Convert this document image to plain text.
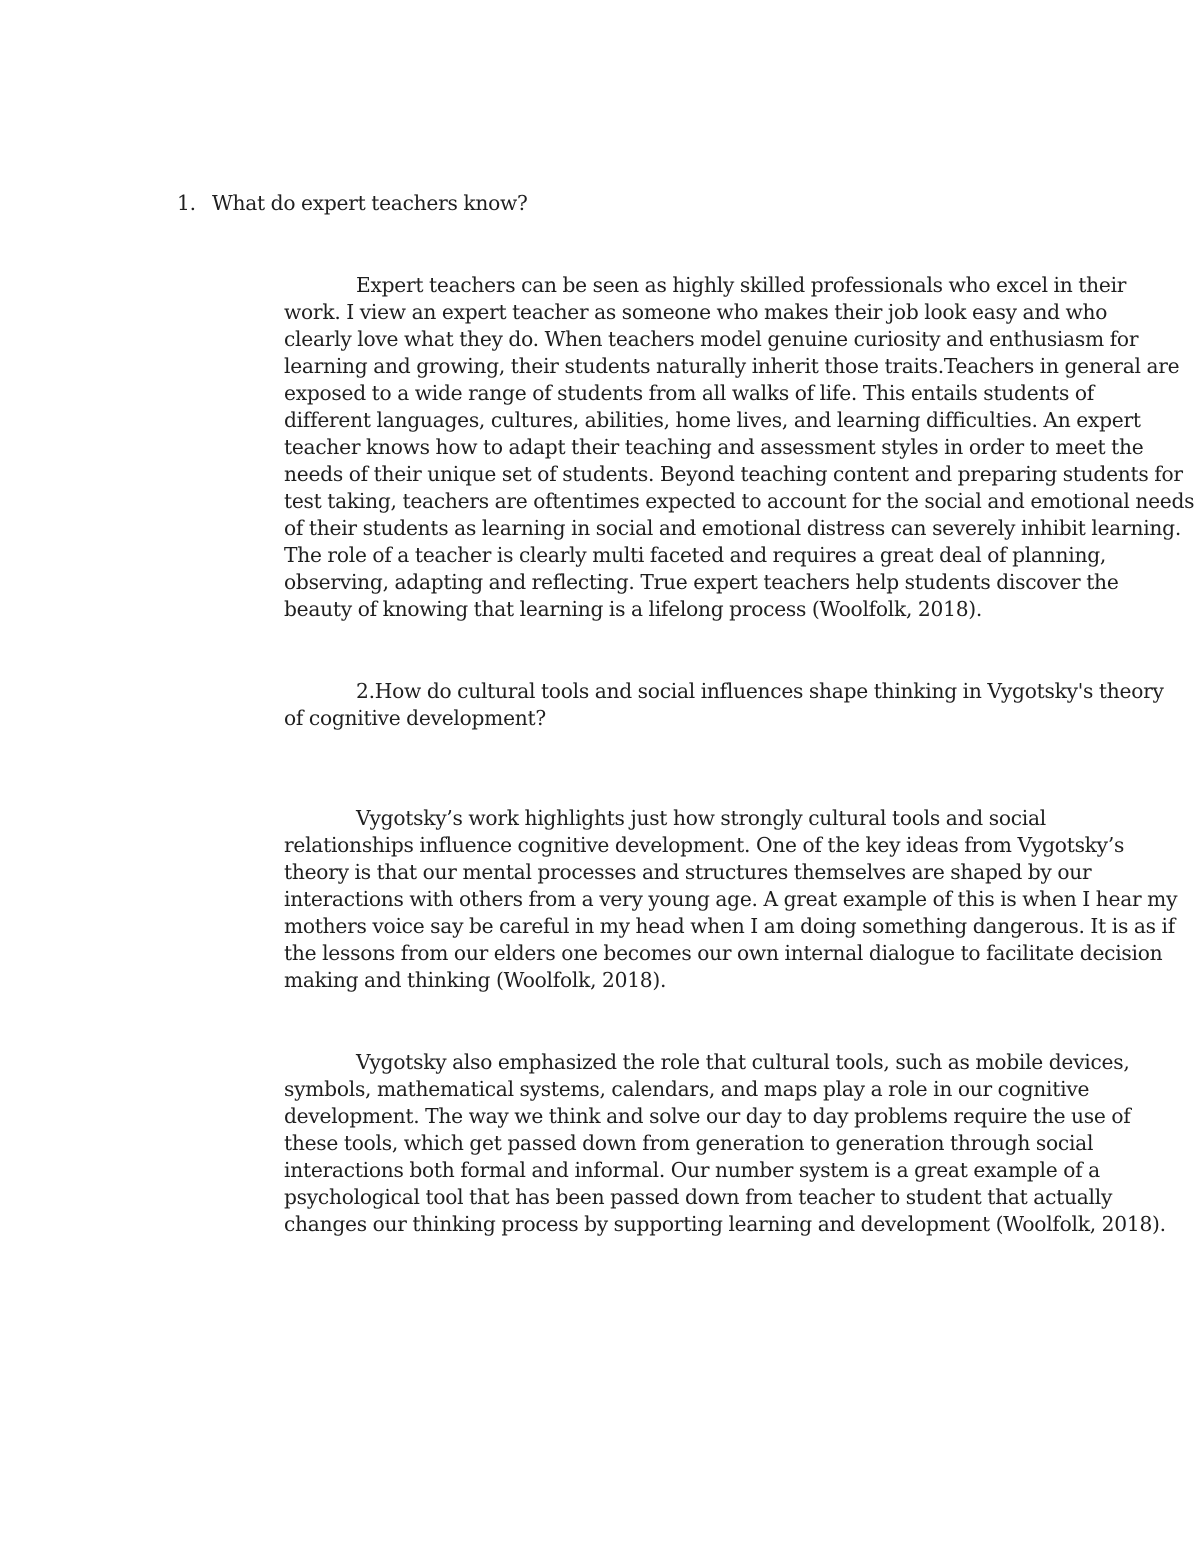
1. What do expert teachers know?

Expert teachers can be seen as highly skilled professionals who excel in their
work. I view an expert teacher as someone who makes their job look easy and who
clearly love what they do. When teachers model genuine curiosity and enthusiasm for
learning and growing, their students naturally inherit those traits.Teachers in general are
exposed to a wide range of students from all walks of life. This entails students of
different languages, cultures, abilities, home lives, and learning difficulties. An expert
teacher knows how to adapt their teaching and assessment styles in order to meet the
needs of their unique set of students. Beyond teaching content and preparing students for
test taking, teachers are oftentimes expected to account for the social and emotional needs
of their students as learning in social and emotional distress can severely inhibit learning.
The role of a teacher is clearly multi faceted and requires a great deal of planning,
observing, adapting and reflecting. True expert teachers help students discover the
beauty of knowing that learning is a lifelong process (Woolfolk, 2018).
2.How do cultural tools and social influences shape thinking in Vygotsky's theory
of cognitive development?
Vygotsky’s work highlights just how strongly cultural tools and social
relationships influence cognitive development. One of the key ideas from Vygotsky’s
theory is that our mental processes and structures themselves are shaped by our
interactions with others from a very young age. A great example of this is when I hear my
mothers voice say be careful in my head when I am doing something dangerous. It is as if
the lessons from our elders one becomes our own internal dialogue to facilitate decision
making and thinking (Woolfolk, 2018).
Vygotsky also emphasized the role that cultural tools, such as mobile devices,
symbols, mathematical systems, calendars, and maps play a role in our cognitive
development. The way we think and solve our day to day problems require the use of
these tools, which get passed down from generation to generation through social
interactions both formal and informal. Our number system is a great example of a
psychological tool that has been passed down from teacher to student that actually
changes our thinking process by supporting learning and development (Woolfolk, 2018).
